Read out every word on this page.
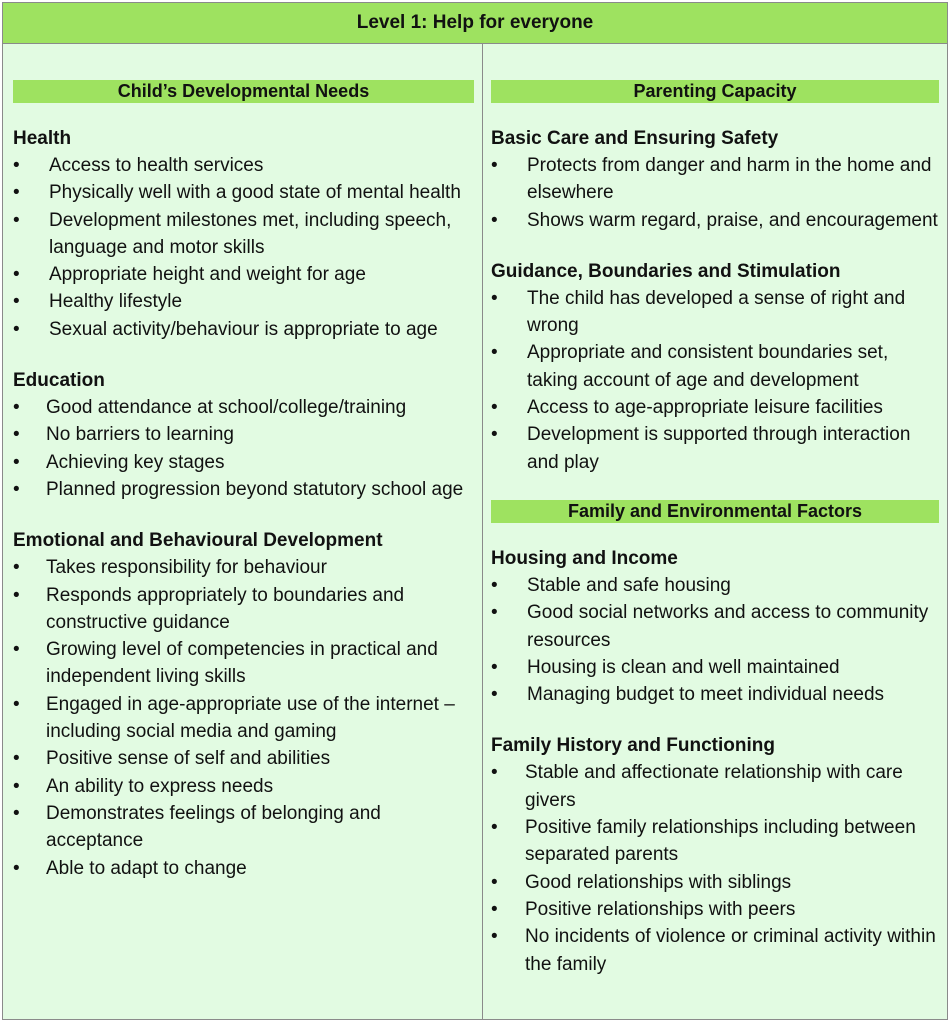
Level 1: Help for everyone
Child’s Developmental Needs
Health
• Access to health services
• Physically well with a good state of mental health
• Development milestones met, including speech, language and motor skills
• Appropriate height and weight for age
• Healthy lifestyle
• Sexual activity/behaviour is appropriate to age
Education
• Good attendance at school/college/training
• No barriers to learning
• Achieving key stages
• Planned progression beyond statutory school age
Emotional and Behavioural Development
• Takes responsibility for behaviour
• Responds appropriately to boundaries and constructive guidance
• Growing level of competencies in practical and independent living skills
• Engaged in age-appropriate use of the internet – including social media and gaming
• Positive sense of self and abilities
• An ability to express needs
• Demonstrates feelings of belonging and acceptance
• Able to adapt to change
Parenting Capacity
Basic Care and Ensuring Safety
• Protects from danger and harm in the home and elsewhere
• Shows warm regard, praise, and encouragement
Guidance, Boundaries and Stimulation
• The child has developed a sense of right and wrong
• Appropriate and consistent boundaries set, taking account of age and development
• Access to age-appropriate leisure facilities
• Development is supported through interaction and play
Family and Environmental Factors
Housing and Income
• Stable and safe housing
• Good social networks and access to community resources
• Housing is clean and well maintained
• Managing budget to meet individual needs
Family History and Functioning
• Stable and affectionate relationship with care givers
• Positive family relationships including between separated parents
• Good relationships with siblings
• Positive relationships with peers
• No incidents of violence or criminal activity within the family
